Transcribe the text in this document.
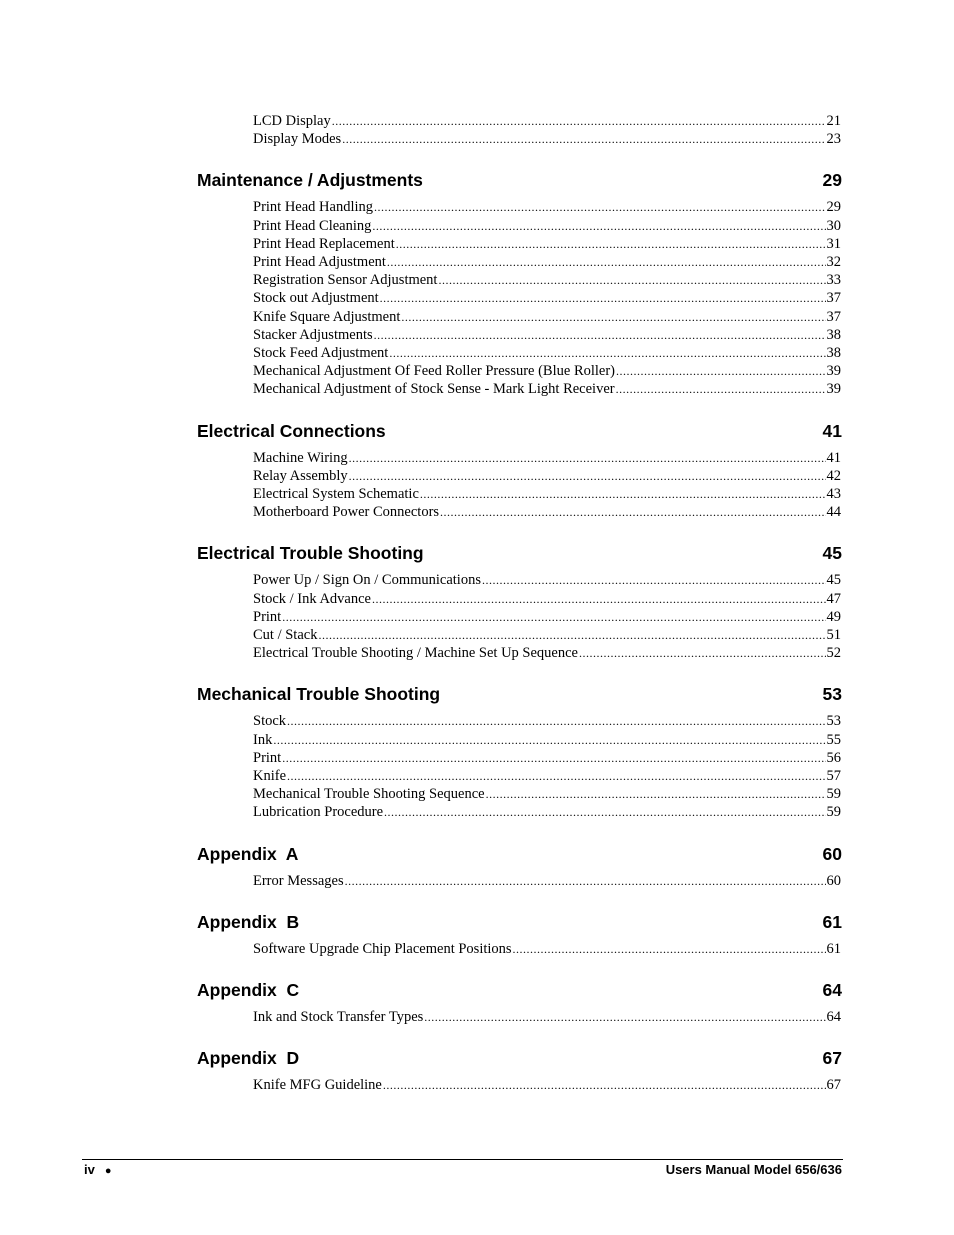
LCD Display .....	21
Display Modes .....	23
Maintenance / Adjustments	29
Print Head Handling .....	29
Print Head Cleaning .....	30
Print Head Replacement .....	31
Print Head Adjustment .....	32
Registration Sensor Adjustment .....	33
Stock out Adjustment .....	37
Knife Square Adjustment .....	37
Stacker Adjustments .....	38
Stock Feed Adjustment .....	38
Mechanical Adjustment Of Feed Roller Pressure (Blue Roller) .....	39
Mechanical Adjustment of Stock Sense - Mark Light Receiver .....	39
Electrical Connections	41
Machine Wiring .....	41
Relay Assembly .....	42
Electrical System Schematic .....	43
Motherboard Power Connectors .....	44
Electrical Trouble Shooting	45
Power Up / Sign On / Communications .....	45
Stock / Ink Advance .....	47
Print .....	49
Cut / Stack .....	51
Electrical Trouble Shooting / Machine Set Up Sequence .....	52
Mechanical Trouble Shooting	53
Stock .....	53
Ink .....	55
Print .....	56
Knife .....	57
Mechanical Trouble Shooting Sequence .....	59
Lubrication Procedure .....	59
Appendix  A	60
Error Messages .....	60
Appendix  B	61
Software Upgrade Chip Placement Positions .....	61
Appendix  C	64
Ink and Stock Transfer Types .....	64
Appendix  D	67
Knife MFG Guideline .....	67
iv ●	Users Manual Model 656/636
